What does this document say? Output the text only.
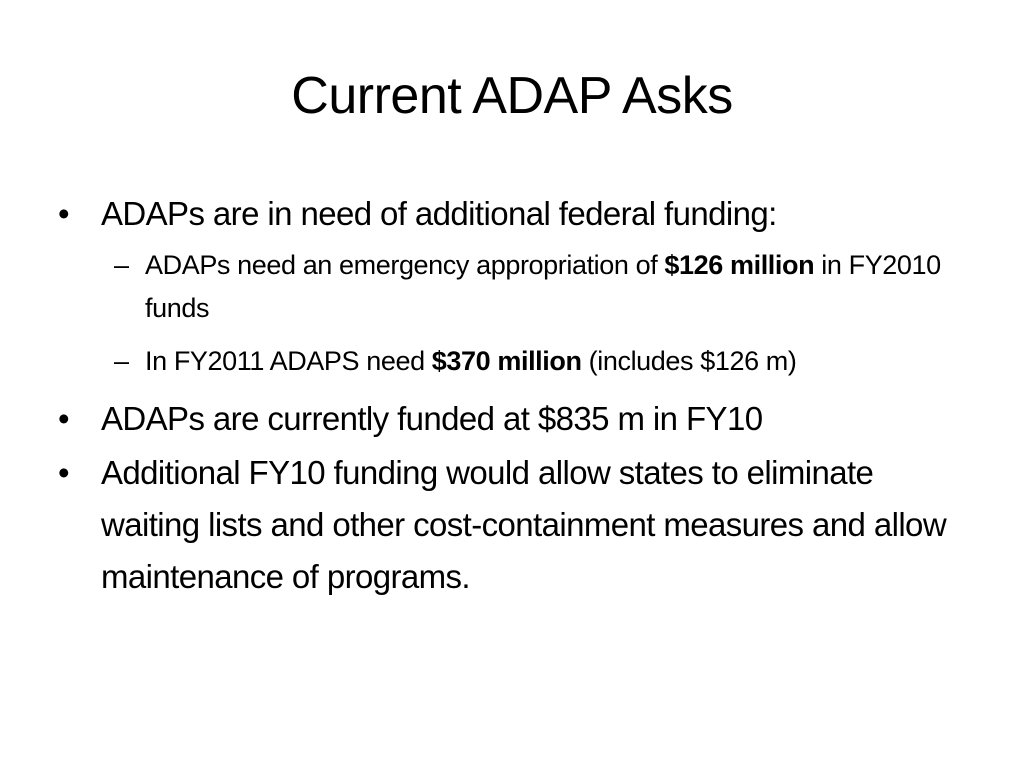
Current ADAP Asks
• ADAPs are in need of additional federal funding:
– ADAPs need an emergency appropriation of $126 million in FY2010 funds
– In FY2011 ADAPS need $370 million (includes $126 m)
• ADAPs are currently funded at $835 m in FY10
• Additional FY10 funding would allow states to eliminate waiting lists and other cost-containment measures and allow maintenance of programs.
